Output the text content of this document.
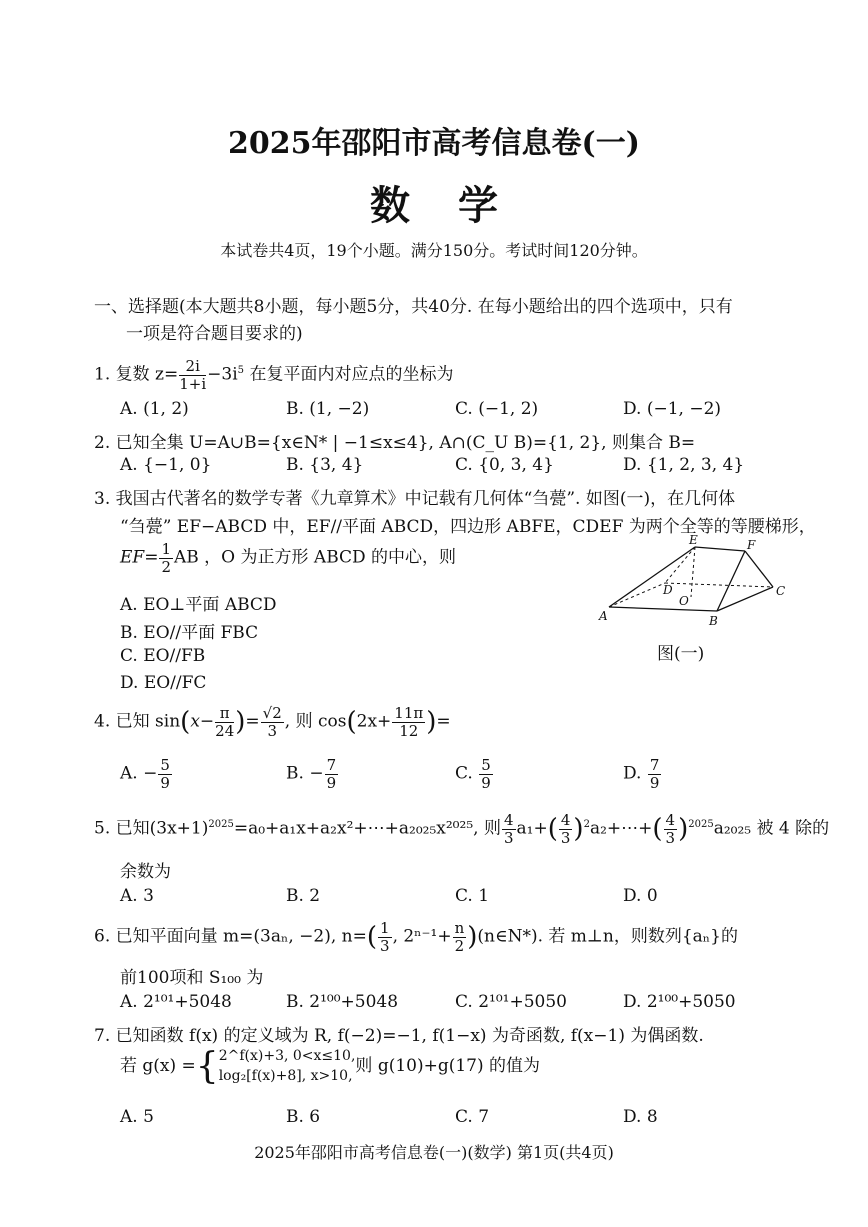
2025年邵阳市高考信息卷(一)
数学
本试卷共4页，19个小题。满分150分。考试时间120分钟。
一、选择题(本大题共8小题，每小题5分，共40分. 在每小题给出的四个选项中，只有
一项是符合题目要求的)
1. 复数 $z= \frac{2i}{1+i} -3i^5$ 在复平面内对应点的坐标为
A. (1, 2)	B. (1, −2)	C. (−1, 2)	D. (−1, −2)
2. 已知全集 U=A∪B={x∈N* | −1≤x≤4}, A∩(C_U B)={1, 2}, 则集合 B=
A. {−1, 0}	B. {3, 4}	C. {0, 3, 4}	D. {1, 2, 3, 4}
3. 我国古代著名的数学专著《九章算术》中记载有几何体“刍甍”. 如图(一)，在几何体
“刍甍” EF−ABCD 中，EF//平面 ABCD，四边形 ABFE，CDEF 为两个全等的等腰梯形，
$EF= \frac{1}{2}$ AB ，O 为正方形 ABCD 的中心，则
A. EO⊥平面 ABCD
B. EO//平面 FBC
C. EO//FB
D. EO//FC
E	F
D
O
C
A	B
图(一)
4. 已知 $\sin(x- \frac{\pi}{24}$ )= $\frac{√2}{3}$ , 则 $\cos(2x+ \frac{11\pi}{12}$ )=
A. − $\frac{5}{9}$	B. − $\frac{7}{9}$	C. $\frac{5}{9}$	D. $\frac{7}{9}$
5. 已知$(3x+1)^{2025}=a_0+a_1x+a_2x^2+\cdots+a_{2025}x^{2025}$, 则 $\frac{4}{3} a_1+( \frac{4}{3}$ )$^2a_2+\cdots+( \frac{4}{3} )^{2025}a_{2025}$ 被 4 除的
余数为
A. 3	B. 2	C. 1	D. 0
6. 已知平面向量 m=(3aₙ, −2), $n=( \frac{1}{3}$ , $2^{n-1}+ \frac{n}{2}$ )(n∈N*). 若 m⊥n，则数列{aₙ}的
前100项和 S₁₀₀ 为
A. 2¹⁰¹+5048	B. 2¹⁰⁰+5048	C. 2¹⁰¹+5050	D. 2¹⁰⁰+5050
7. 已知函数 f(x) 的定义域为 R, f(−2)=−1, f(1−x) 为奇函数, f(x−1) 为偶函数.
若 g(x) ={2^f(x)+3, 0<x≤10,
log₂[f(x)+8], x>10, 则 g(10)+g(17) 的值为
A. 5	B. 6	C. 7	D. 8
2025年邵阳市高考信息卷(一)(数学) 第1页(共4页)
